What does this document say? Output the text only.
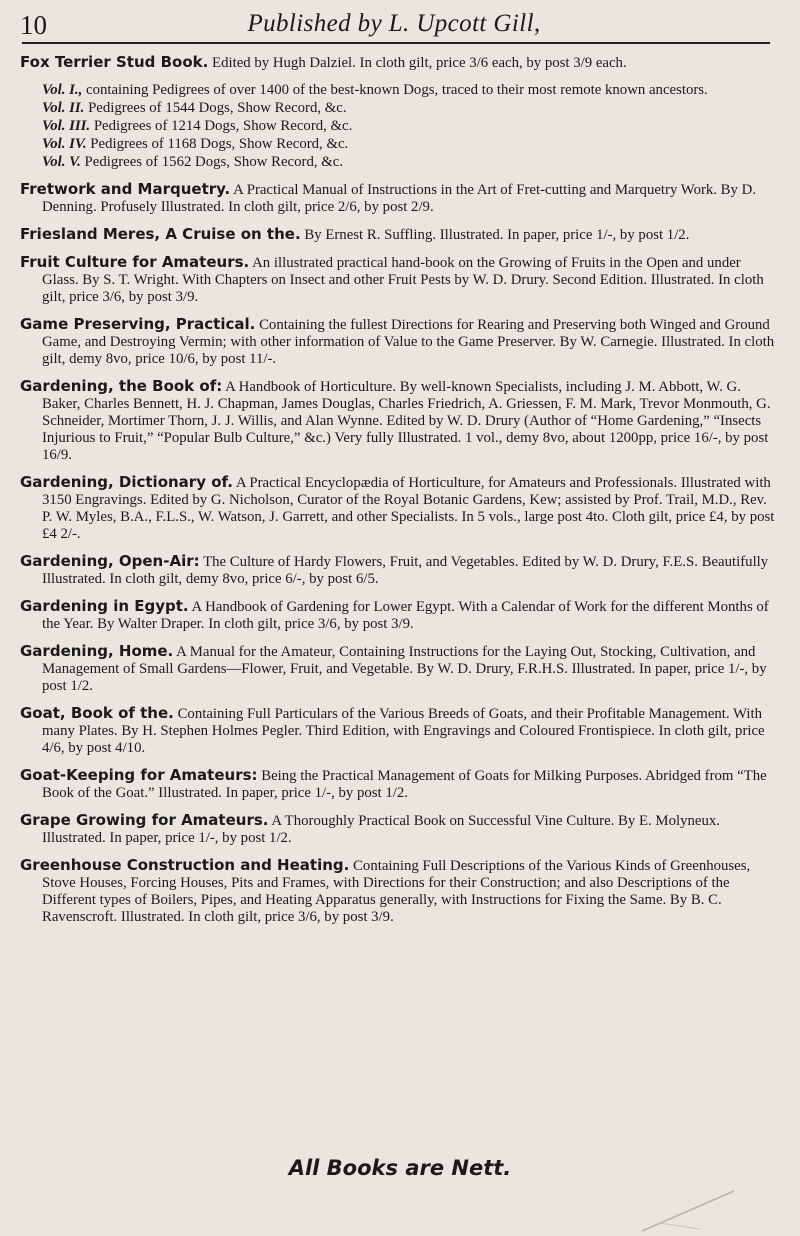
10	Published by L. Upcott Gill,
Fox Terrier Stud Book. Edited by Hugh Dalziel. In cloth gilt, price 3/6 each, by post 3/9 each.
Vol. I., containing Pedigrees of over 1400 of the best-known Dogs, traced to their most remote known ancestors.
Vol. II. Pedigrees of 1544 Dogs, Show Record, &c.
Vol. III. Pedigrees of 1214 Dogs, Show Record, &c.
Vol. IV. Pedigrees of 1168 Dogs, Show Record, &c.
Vol. V. Pedigrees of 1562 Dogs, Show Record, &c.
Fretwork and Marquetry. A Practical Manual of Instructions in the Art of Fret-cutting and Marquetry Work. By D. Denning. Profusely Illustrated. In cloth gilt, price 2/6, by post 2/9.
Friesland Meres, A Cruise on the. By Ernest R. Suffling. Illustrated. In paper, price 1/-, by post 1/2.
Fruit Culture for Amateurs. An illustrated practical hand-book on the Growing of Fruits in the Open and under Glass. By S. T. Wright. With Chapters on Insect and other Fruit Pests by W. D. Drury. Second Edition. Illustrated. In cloth gilt, price 3/6, by post 3/9.
Game Preserving, Practical. Containing the fullest Directions for Rearing and Preserving both Winged and Ground Game, and Destroying Vermin; with other information of Value to the Game Preserver. By W. Carnegie. Illustrated. In cloth gilt, demy 8vo, price 10/6, by post 11/-.
Gardening, the Book of: A Handbook of Horticulture. By well-known Specialists, including J. M. Abbott, W. G. Baker, Charles Bennett, H. J. Chapman, James Douglas, Charles Friedrich, A. Griessen, F. M. Mark, Trevor Monmouth, G. Schneider, Mortimer Thorn, J. J. Willis, and Alan Wynne. Edited by W. D. Drury (Author of “Home Gardening,” “Insects Injurious to Fruit,” “Popular Bulb Culture,” &c.) Very fully Illustrated. 1 vol., demy 8vo, about 1200pp, price 16/-, by post 16/9.
Gardening, Dictionary of. A Practical Encyclopædia of Horticulture, for Amateurs and Professionals. Illustrated with 3150 Engravings. Edited by G. Nicholson, Curator of the Royal Botanic Gardens, Kew; assisted by Prof. Trail, M.D., Rev. P. W. Myles, B.A., F.L.S., W. Watson, J. Garrett, and other Specialists. In 5 vols., large post 4to. Cloth gilt, price £4, by post £4 2/-.
Gardening, Open-Air: The Culture of Hardy Flowers, Fruit, and Vegetables. Edited by W. D. Drury, F.E.S. Beautifully Illustrated. In cloth gilt, demy 8vo, price 6/-, by post 6/5.
Gardening in Egypt. A Handbook of Gardening for Lower Egypt. With a Calendar of Work for the different Months of the Year. By Walter Draper. In cloth gilt, price 3/6, by post 3/9.
Gardening, Home. A Manual for the Amateur, Containing Instructions for the Laying Out, Stocking, Cultivation, and Management of Small Gardens—Flower, Fruit, and Vegetable. By W. D. Drury, F.R.H.S. Illustrated. In paper, price 1/-, by post 1/2.
Goat, Book of the. Containing Full Particulars of the Various Breeds of Goats, and their Profitable Management. With many Plates. By H. Stephen Holmes Pegler. Third Edition, with Engravings and Coloured Frontispiece. In cloth gilt, price 4/6, by post 4/10.
Goat-Keeping for Amateurs: Being the Practical Management of Goats for Milking Purposes. Abridged from “The Book of the Goat.” Illustrated. In paper, price 1/-, by post 1/2.
Grape Growing for Amateurs. A Thoroughly Practical Book on Successful Vine Culture. By E. Molyneux. Illustrated. In paper, price 1/-, by post 1/2.
Greenhouse Construction and Heating. Containing Full Descriptions of the Various Kinds of Greenhouses, Stove Houses, Forcing Houses, Pits and Frames, with Directions for their Construction; and also Descriptions of the Different types of Boilers, Pipes, and Heating Apparatus generally, with Instructions for Fixing the Same. By B. C. Ravenscroft. Illustrated. In cloth gilt, price 3/6, by post 3/9.
All Books are Nett.
